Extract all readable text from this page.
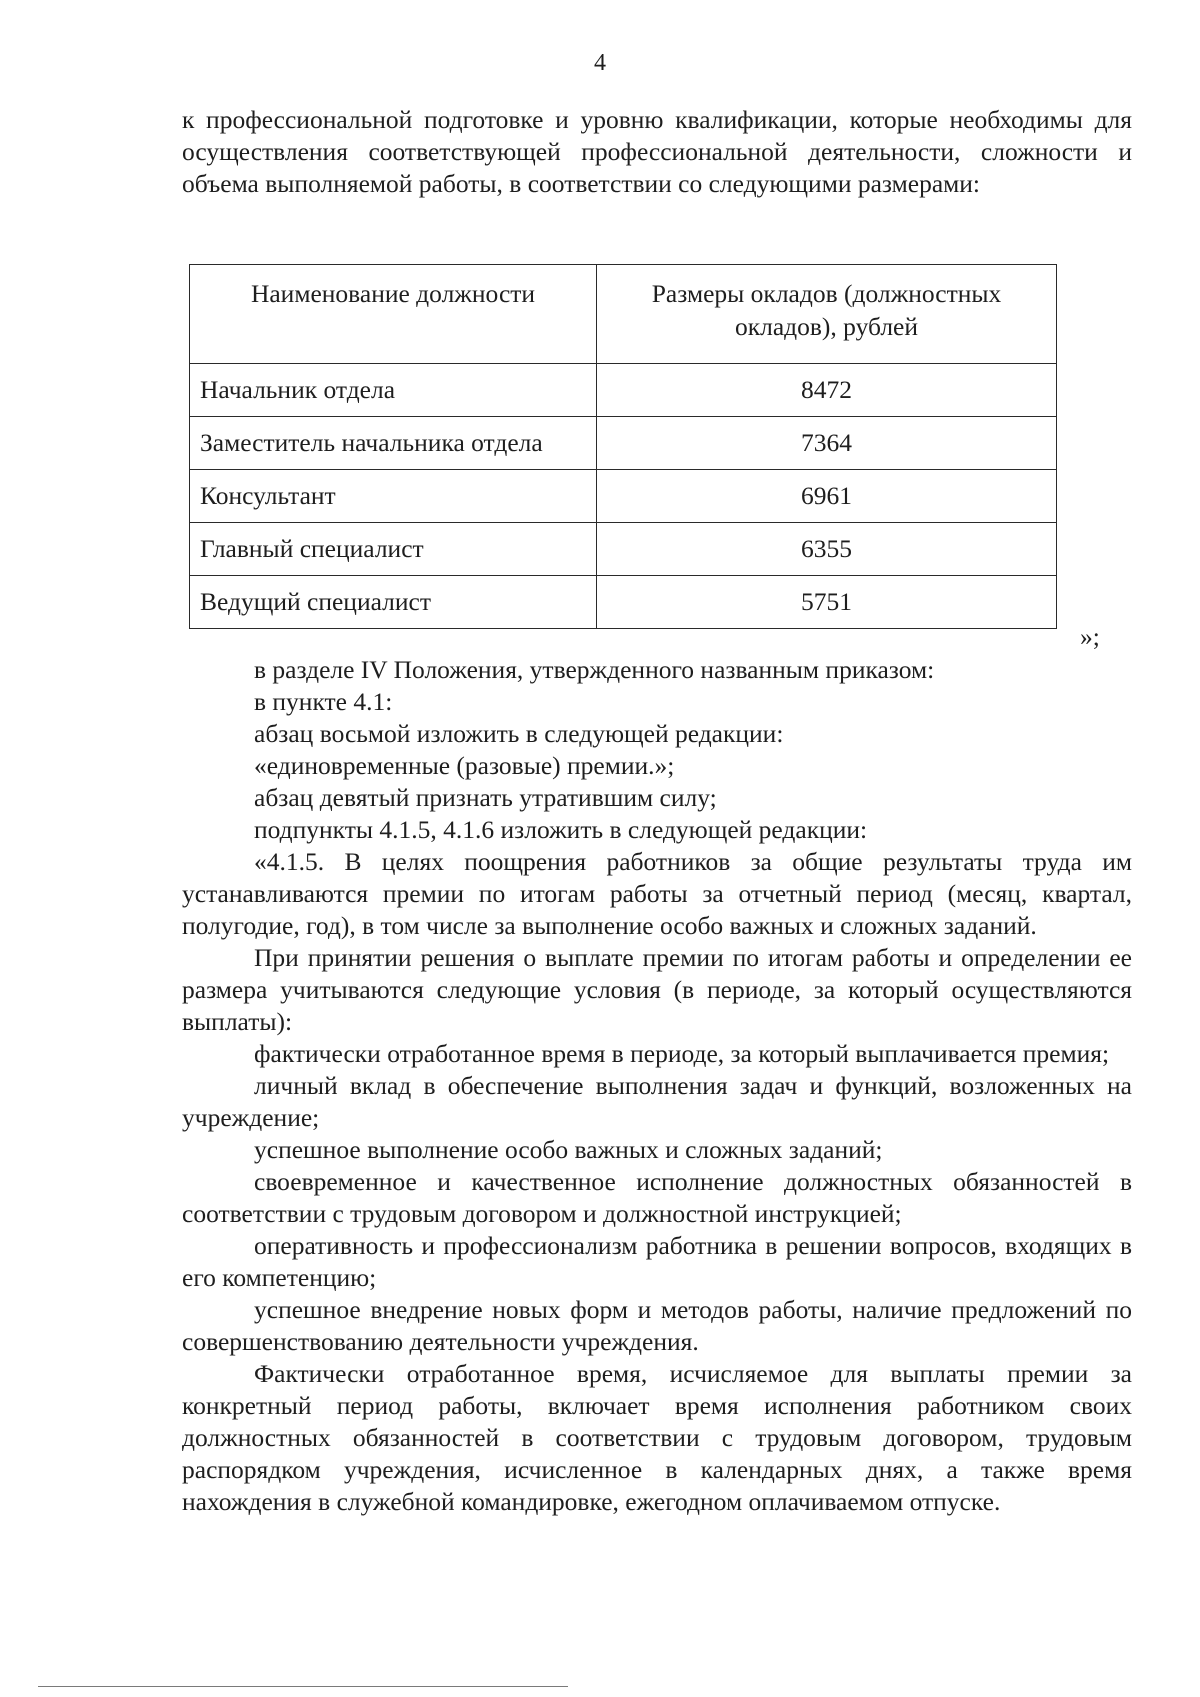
4

к профессиональной подготовке и уровню квалификации, которые необходимы для осуществления соответствующей профессиональной деятельности, сложности и объема выполняемой работы, в соответствии со следующими размерами:

Наименование должности	Размеры окладов (должностных окладов), рублей
Начальник отдела	8472
Заместитель начальника отдела	7364
Консультант	6961
Главный специалист	6355
Ведущий специалист	5751
»;

в разделе IV Положения, утвержденного названным приказом:

в пункте 4.1:

абзац восьмой изложить в следующей редакции:

«единовременные (разовые) премии.»;

абзац девятый признать утратившим силу;

подпункты 4.1.5, 4.1.6 изложить в следующей редакции:

«4.1.5. В целях поощрения работников за общие результаты труда им устанавливаются премии по итогам работы за отчетный период (месяц, квартал, полугодие, год), в том числе за выполнение особо важных и сложных заданий.

При принятии решения о выплате премии по итогам работы и определении ее размера учитываются следующие условия (в периоде, за который осуществляются выплаты):

фактически отработанное время в периоде, за который выплачивается премия;

личный вклад в обеспечение выполнения задач и функций, возложенных на учреждение;

успешное выполнение особо важных и сложных заданий;

своевременное и качественное исполнение должностных обязанностей в соответствии с трудовым договором и должностной инструкцией;

оперативность и профессионализм работника в решении вопросов, входящих в его компетенцию;

успешное внедрение новых форм и методов работы, наличие предложений по совершенствованию деятельности учреждения.

Фактически отработанное время, исчисляемое для выплаты премии за конкретный период работы, включает время исполнения работником своих должностных обязанностей в соответствии с трудовым договором, трудовым распорядком учреждения, исчисленное в календарных днях, а также время нахождения в служебной командировке, ежегодном оплачиваемом отпуске.
